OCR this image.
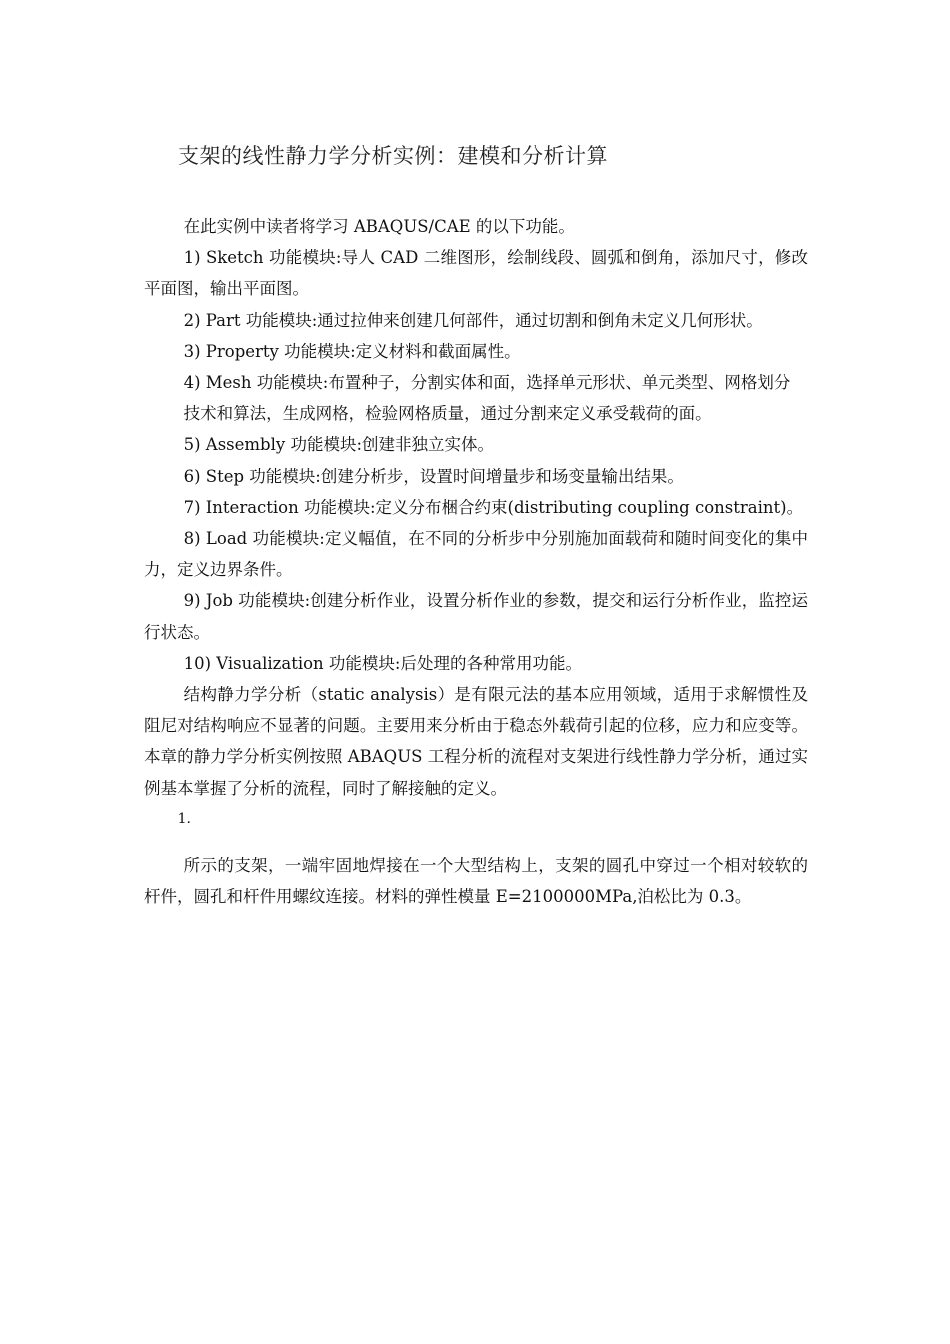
支架的线性静力学分析实例：建模和分析计算

在此实例中读者将学习 ABAQUS/CAE 的以下功能。

1) Sketch 功能模块:导人 CAD 二维图形，绘制线段、圆弧和倒角，添加尺寸，修改平面图，输出平面图。

2) Part 功能模块:通过拉伸来创建几何部件，通过切割和倒角未定义几何形状。

3) Property 功能模块:定义材料和截面属性。

4) Mesh 功能模块:布置种子，分割实体和面，选择单元形状、单元类型、网格划分

技术和算法，生成网格，检验网格质量，通过分割来定义承受载荷的面。

5) Assembly 功能模块:创建非独立实体。

6) Step 功能模块:创建分析步，设置时间增量步和场变量输出结果。

7) Interaction 功能模块:定义分布梱合约束(distributing coupling constraint)。

8) Load 功能模块:定义幅值，在不同的分析步中分别施加面载荷和随时间变化的集中力，定义边界条件。

9) Job 功能模块:创建分析作业，设置分析作业的参数，提交和运行分析作业，监控运行状态。

10) Visualization 功能模块:后处理的各种常用功能。

结构静力学分析（static analysis）是有限元法的基本应用领域，适用于求解惯性及阻尼对结构响应不显著的问题。主要用来分析由于稳态外载荷引起的位移，应力和应变等。本章的静力学分析实例按照 ABAQUS 工程分析的流程对支架进行线性静力学分析，通过实例基本掌握了分析的流程，同时了解接触的定义。

1.

所示的支架，一端牢固地焊接在一个大型结构上，支架的圆孔中穿过一个相对较软的杆件，圆孔和杆件用螺纹连接。材料的弹性模量 E=2100000MPa,泊松比为 0.3。
